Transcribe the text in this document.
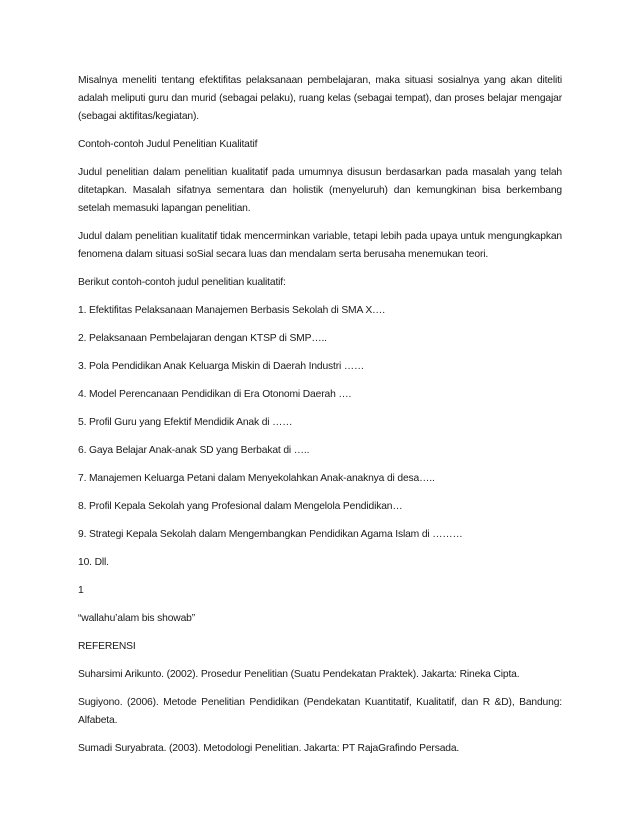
Misalnya meneliti tentang efektifitas pelaksanaan pembelajaran, maka situasi sosialnya yang akan diteliti adalah meliputi guru dan murid (sebagai pelaku), ruang kelas (sebagai tempat), dan proses belajar mengajar (sebagai aktifitas/kegiatan).

Contoh-contoh Judul Penelitian Kualitatif

Judul penelitian dalam penelitian kualitatif pada umumnya disusun berdasarkan pada masalah yang telah ditetapkan. Masalah sifatnya sementara dan holistik (menyeluruh) dan kemungkinan bisa berkembang setelah memasuki lapangan penelitian.

Judul dalam penelitian kualitatif tidak mencerminkan variable, tetapi lebih pada upaya untuk mengungkapkan fenomena dalam situasi soSial secara luas dan mendalam serta berusaha menemukan teori.

Berikut contoh-contoh judul penelitian kualitatif:

1. Efektifitas Pelaksanaan Manajemen Berbasis Sekolah di SMA X….

2. Pelaksanaan Pembelajaran dengan KTSP di SMP…..

3. Pola Pendidikan Anak Keluarga Miskin di Daerah Industri ……

4. Model Perencanaan Pendidikan di Era Otonomi Daerah ….

5. Profil Guru yang Efektif Mendidik Anak di ……

6. Gaya Belajar Anak-anak SD yang Berbakat di …..

7. Manajemen Keluarga Petani dalam Menyekolahkan Anak-anaknya di desa…..

8. Profil Kepala Sekolah yang Profesional dalam Mengelola Pendidikan…

9. Strategi Kepala Sekolah dalam Mengembangkan Pendidikan Agama Islam di ………

10. Dll.

1

“wallahu’alam bis showab”

REFERENSI

Suharsimi Arikunto. (2002). Prosedur Penelitian (Suatu Pendekatan Praktek). Jakarta: Rineka Cipta.

Sugiyono. (2006). Metode Penelitian Pendidikan (Pendekatan Kuantitatif, Kualitatif, dan R &D), Bandung: Alfabeta.

Sumadi Suryabrata. (2003). Metodologi Penelitian. Jakarta: PT RajaGrafindo Persada.
